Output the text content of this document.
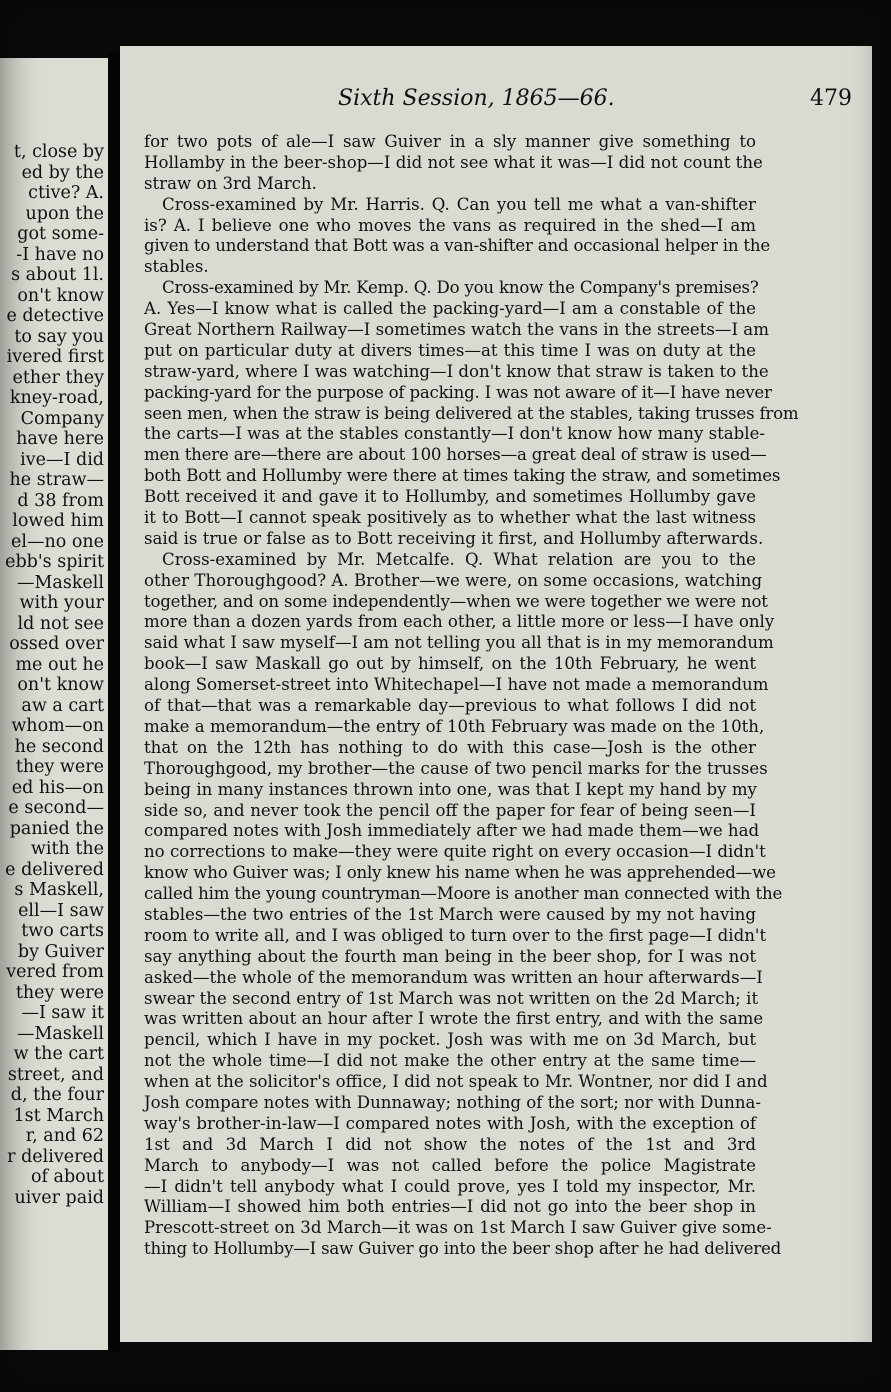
t, close by
ed by the
ctive? A.
upon the
got some-
-I have no
s about 1l.
on't know
e detective
to say you
ivered first
ether they
kney-road,
Company
have here
ive—I did
he straw—
d 38 from
lowed him
el—no one
ebb's spirit
—Maskell
with your
ld not see
ossed over
me out he
on't know
aw a cart
whom—on
he second
they were
ed his—on
e second—
panied the
with the
e delivered
s Maskell,
ell—I saw
two carts
by Guiver
vered from
they were
—I saw it
—Maskell
w the cart
street, and
d, the four
1st March
r, and 62
r delivered
of about
uiver paid
Sixth Session, 1865—66.	479
for two pots of ale—I saw Guiver in a sly manner give something to
Hollamby in the beer-shop—I did not see what it was—I did not count the
straw on 3rd March.
Cross-examined by Mr. Harris. Q. Can you tell me what a van-shifter
is? A. I believe one who moves the vans as required in the shed—I am
given to understand that Bott was a van-shifter and occasional helper in the
stables.
Cross-examined by Mr. Kemp. Q. Do you know the Company's premises?
A. Yes—I know what is called the packing-yard—I am a constable of the
Great Northern Railway—I sometimes watch the vans in the streets—I am
put on particular duty at divers times—at this time I was on duty at the
straw-yard, where I was watching—I don't know that straw is taken to the
packing-yard for the purpose of packing. I was not aware of it—I have never
seen men, when the straw is being delivered at the stables, taking trusses from
the carts—I was at the stables constantly—I don't know how many stable-
men there are—there are about 100 horses—a great deal of straw is used—
both Bott and Hollumby were there at times taking the straw, and sometimes
Bott received it and gave it to Hollumby, and sometimes Hollumby gave
it to Bott—I cannot speak positively as to whether what the last witness
said is true or false as to Bott receiving it first, and Hollumby afterwards.
Cross-examined by Mr. Metcalfe. Q. What relation are you to the
other Thoroughgood? A. Brother—we were, on some occasions, watching
together, and on some independently—when we were together we were not
more than a dozen yards from each other, a little more or less—I have only
said what I saw myself—I am not telling you all that is in my memorandum
book—I saw Maskall go out by himself, on the 10th February, he went
along Somerset-street into Whitechapel—I have not made a memorandum
of that—that was a remarkable day—previous to what follows I did not
make a memorandum—the entry of 10th February was made on the 10th,
that on the 12th has nothing to do with this case—Josh is the other
Thoroughgood, my brother—the cause of two pencil marks for the trusses
being in many instances thrown into one, was that I kept my hand by my
side so, and never took the pencil off the paper for fear of being seen—I
compared notes with Josh immediately after we had made them—we had
no corrections to make—they were quite right on every occasion—I didn't
know who Guiver was; I only knew his name when he was apprehended—we
called him the young countryman—Moore is another man connected with the
stables—the two entries of the 1st March were caused by my not having
room to write all, and I was obliged to turn over to the first page—I didn't
say anything about the fourth man being in the beer shop, for I was not
asked—the whole of the memorandum was written an hour afterwards—I
swear the second entry of 1st March was not written on the 2d March; it
was written about an hour after I wrote the first entry, and with the same
pencil, which I have in my pocket. Josh was with me on 3d March, but
not the whole time—I did not make the other entry at the same time—
when at the solicitor's office, I did not speak to Mr. Wontner, nor did I and
Josh compare notes with Dunnaway; nothing of the sort; nor with Dunna-
way's brother-in-law—I compared notes with Josh, with the exception of
1st and 3d March I did not show the notes of the 1st and 3rd
March to anybody—I was not called before the police Magistrate
—I didn't tell anybody what I could prove, yes I told my inspector, Mr.
William—I showed him both entries—I did not go into the beer shop in
Prescott-street on 3d March—it was on 1st March I saw Guiver give some-
thing to Hollumby—I saw Guiver go into the beer shop after he had delivered
